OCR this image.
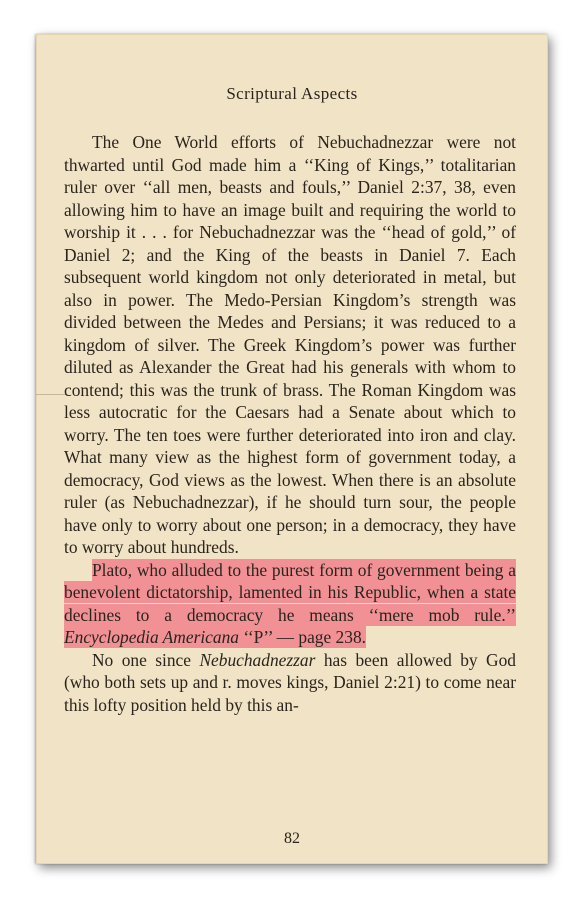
Scriptural Aspects

The One World efforts of Nebuchadnezzar were not thwarted until God made him a ‘‘King of Kings,’’ totalitarian ruler over ‘‘all men, beasts and fouls,’’ Daniel 2:37, 38, even allowing him to have an image built and requiring the world to worship it . . . for Nebuchadnezzar was the ‘‘head of gold,’’ of Daniel 2; and the King of the beasts in Daniel 7. Each subsequent world kingdom not only deteriorated in metal, but also in power. The Medo-Persian Kingdom’s strength was divided between the Medes and Persians; it was reduced to a kingdom of silver. The Greek Kingdom’s power was further diluted as Alexander the Great had his generals with whom to contend; this was the trunk of brass. The Roman Kingdom was less autocratic for the Caesars had a Senate about which to worry. The ten toes were further deteriorated into iron and clay. What many view as the highest form of government today, a democracy, God views as the lowest. When there is an absolute ruler (as Nebuchadnezzar), if he should turn sour, the people have only to worry about one person; in a democracy, they have to worry about hundreds.

Plato, who alluded to the purest form of government being a benevolent dictatorship, lamented in his Republic, when a state declines to a democracy he means ‘‘mere mob rule.’’ Encyclopedia Americana ‘‘P’’ — page 238.

No one since Nebuchadnezzar has been allowed by God (who both sets up and r. moves kings, Daniel 2:21) to come near this lofty position held by this an-

82
